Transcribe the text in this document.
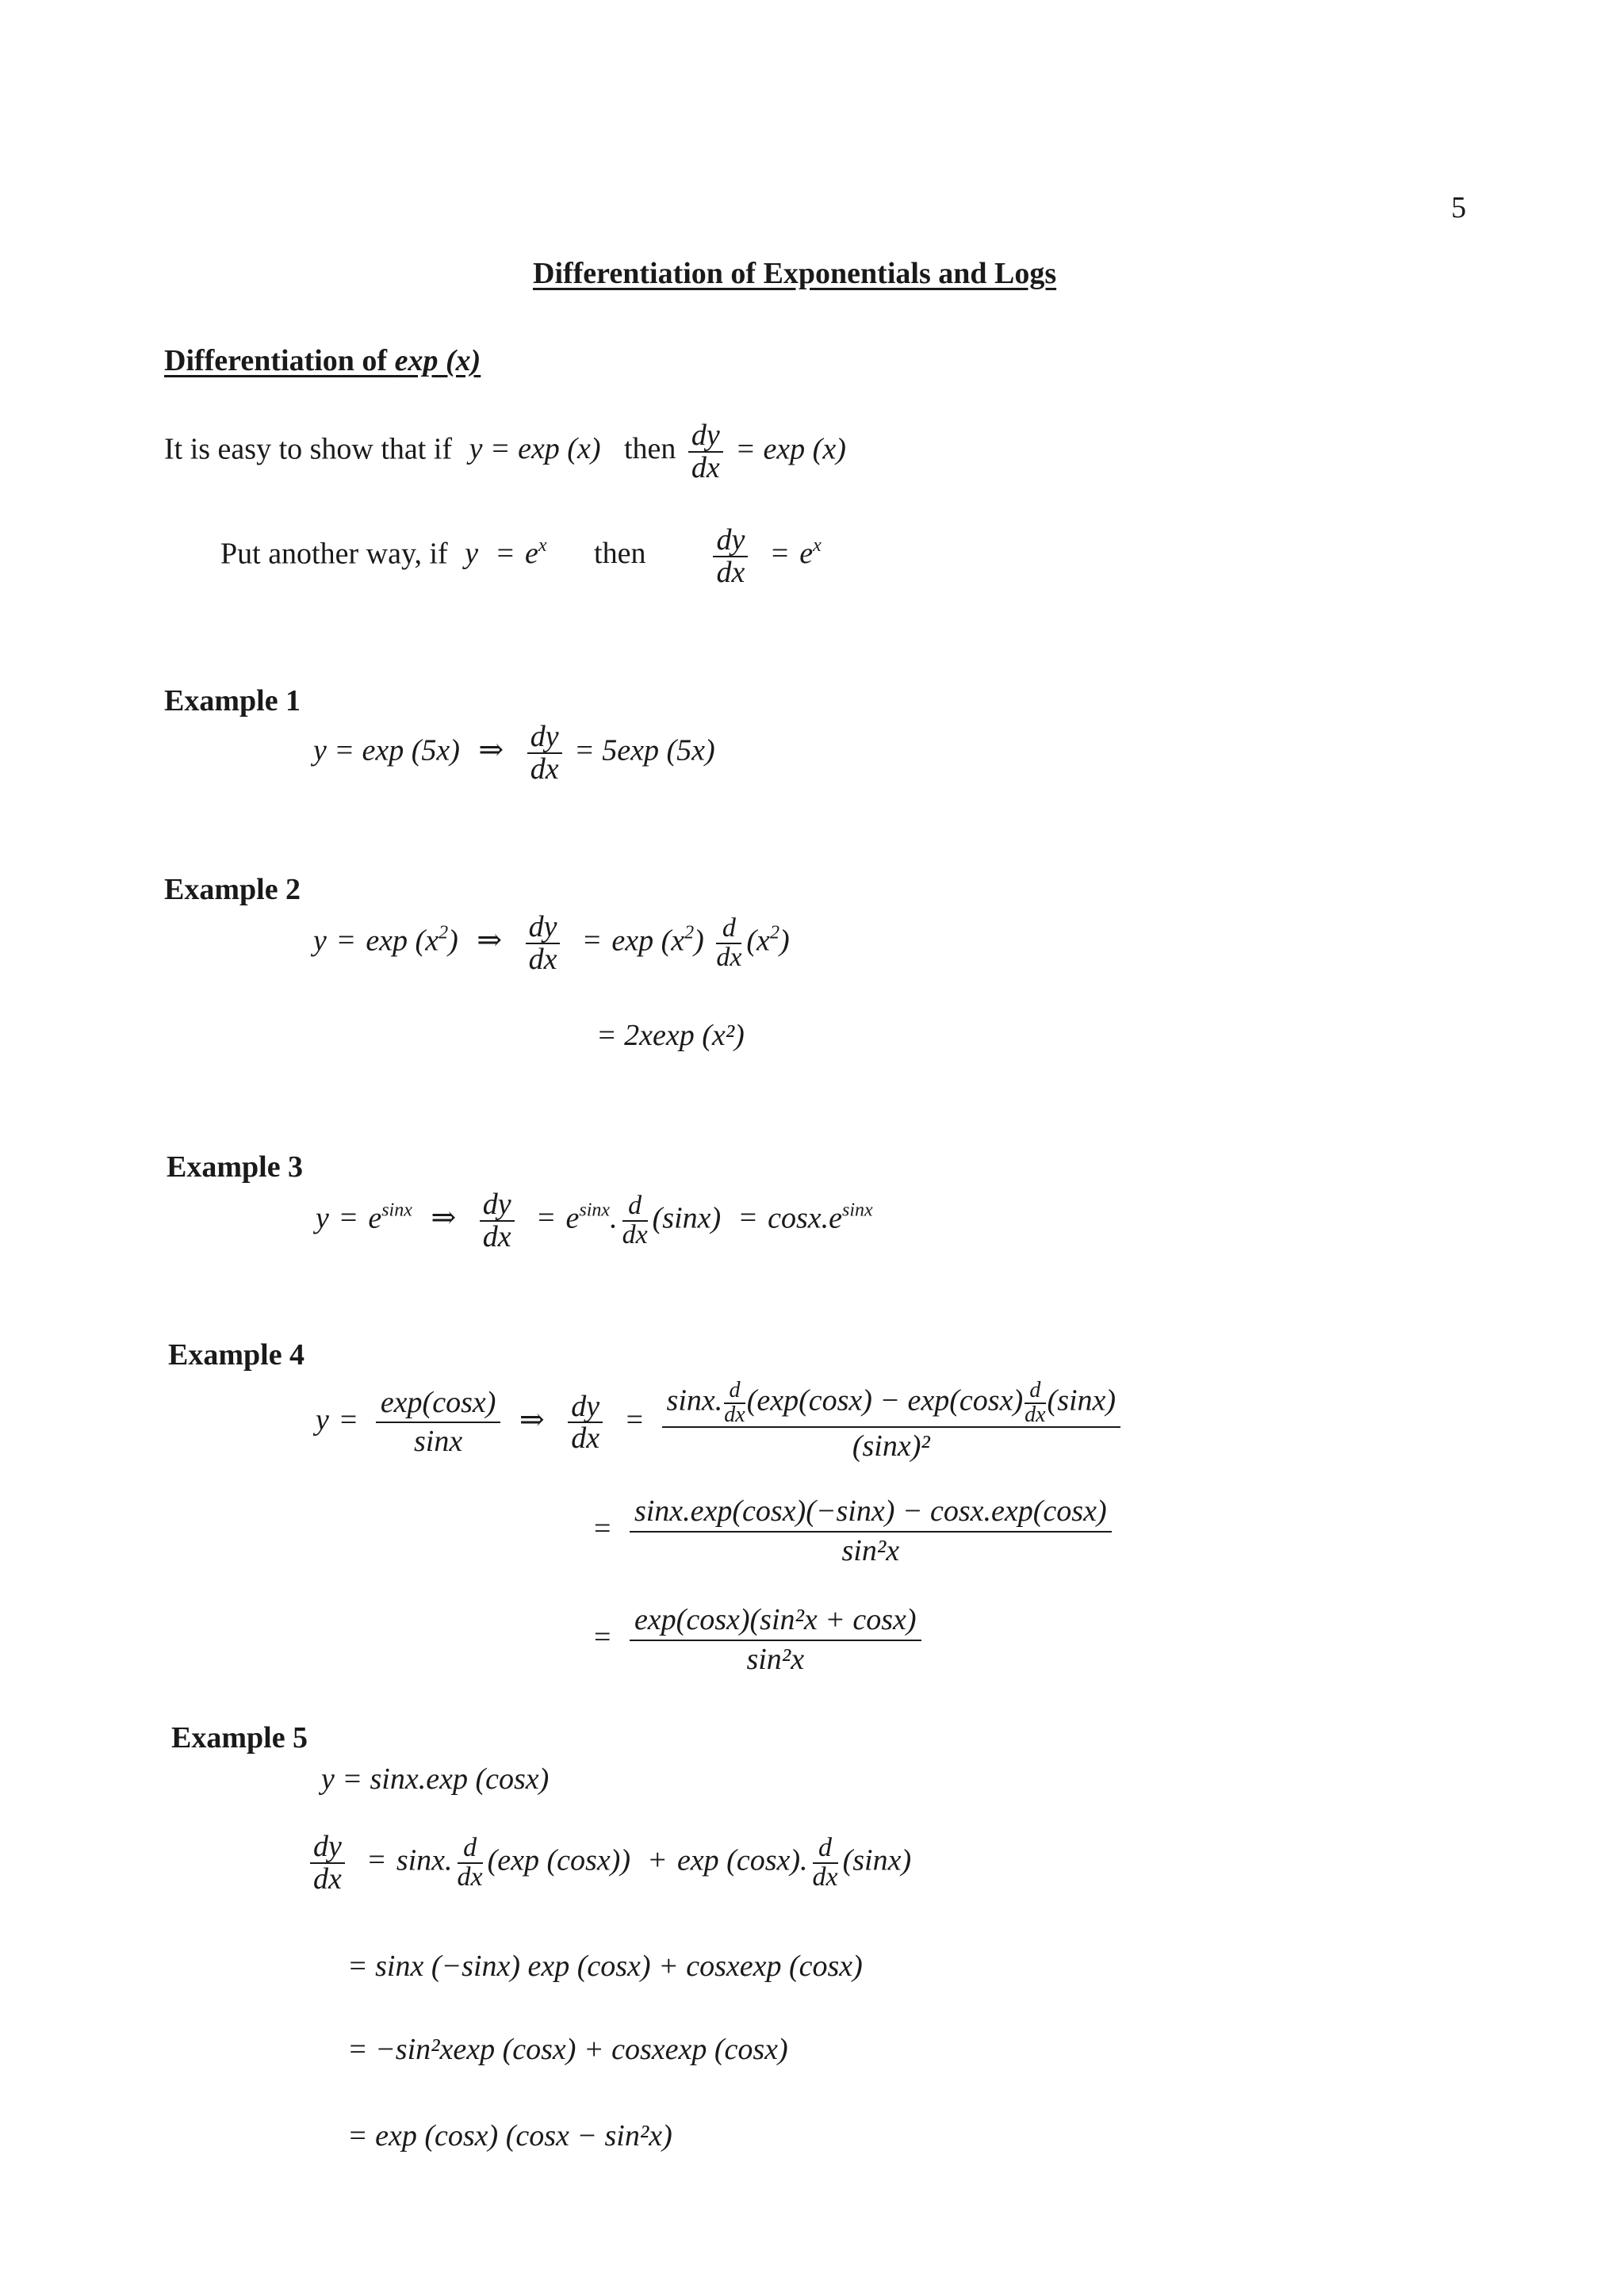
5
Differentiation of Exponentials and Logs
Differentiation of exp (x)
It is easy to show that if y = exp (x) then $\frac{dy}{dx} = \exp (x)$
Put another way, if $y = e^x$ then $\frac{dy}{dx} = e^x$
Example 1
y = exp (5x) ⇒ $\frac{dy}{dx} = 5\exp$ (5x)
Example 2
$y = \exp (x^2)$ ⇒ $\frac{dy}{dx} = \exp (x^2) \frac{d}{dx} (x^2)$
= 2xexp (x²)
Example 3
$y = e^{sinx}$ ⇒ $\frac{dy}{dx} = e^{sinx}$. $\frac{d}{dx} (\sin x) = \cos x.e^{sinx}$
Example 4
$y = \frac{\exp(\cos x)}{\sin x}$ ⇒ $\frac{dy}{dx}$ =
sinx. $\frac{d}{dx} (\exp(\cos x) - \exp(\cos x) \frac{d}{dx} (\sin x)$
(sinx)²
= $\frac{\sin x.\exp(\cos x)(-\sin x) - \cos x.\exp(\cos x)}{\text{sin²x}}$
= $\frac{\text{exp(cosx)(sin²x + cosx)}}{\text{sin²x}}$
Example 5
y = sinx.exp (cosx)
$\frac{dy}{dx} = \sin x$. $\frac{d}{dx} (\exp$ (cosx)) + exp (cosx). $\frac{d}{dx} (\sin x)$
= sinx (−sinx) exp (cosx) + cosxexp (cosx)
= −sin²xexp (cosx) + cosxexp (cosx)
= exp (cosx) (cosx − sin²x)
